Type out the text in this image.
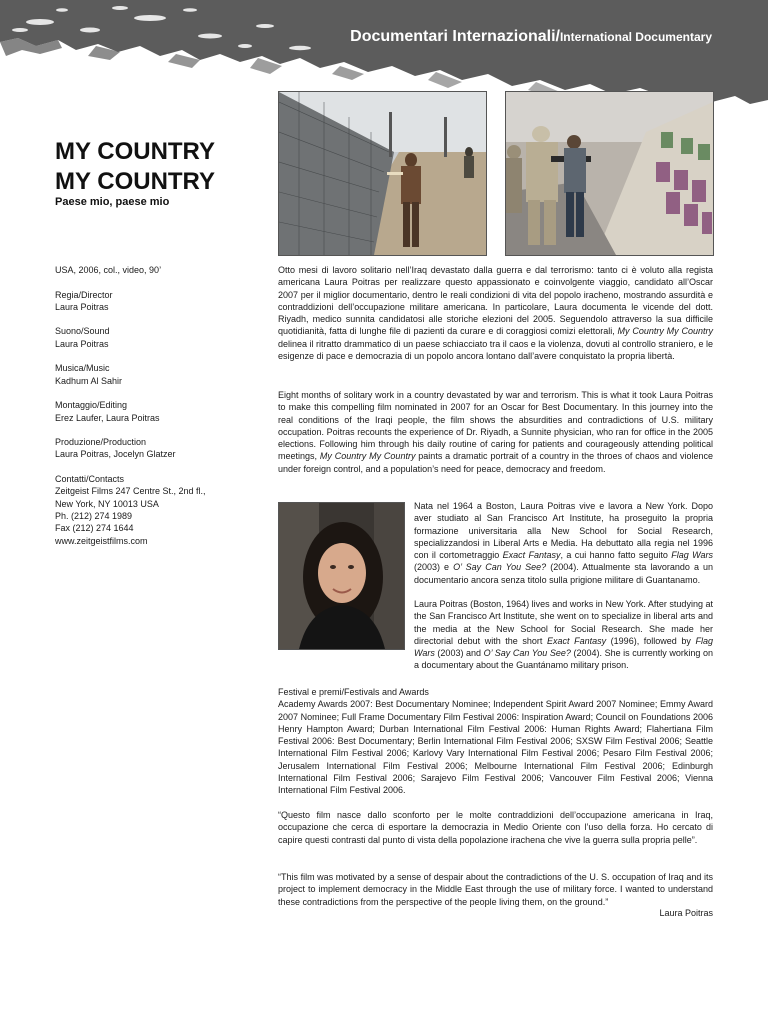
Documentari Internazionali/International Documentary
MY COUNTRY
MY COUNTRY
Paese mio, paese mio
USA, 2006, col., video, 90’
Regia/Director
Laura Poitras
Suono/Sound
Laura Poitras
Musica/Music
Kadhum Al Sahir
Montaggio/Editing
Erez Laufer, Laura Poitras
Produzione/Production
Laura Poitras, Jocelyn Glatzer
Contatti/Contacts
Zeitgeist Films 247 Centre St., 2nd fl.,
New York, NY 10013 USA
Ph. (212) 274 1989
Fax (212) 274 1644
www.zeitgeistfilms.com

Otto mesi di lavoro solitario nell’Iraq devastato dalla guerra e dal terrorismo: tanto ci è voluto alla regista americana Laura Poitras per realizzare questo appassionato e coinvolgente viaggio, candidato all’Oscar 2007 per il miglior documentario, dentro le reali condizioni di vita del popolo iracheno, mostrando assurdità e contraddizioni dell’occupazione militare americana. In particolare, Laura documenta le vicende del dott. Riyadh, medico sunnita candidatosi alle storiche elezioni del 2005. Seguendolo attraverso la sua difficile quotidianità, fatta di lunghe file di pazienti da curare e di coraggiosi comizi elettorali, My Country My Country delinea il ritratto drammatico di un paese schiacciato tra il caos e la violenza, dovuti al controllo straniero, e le esigenze di pace e democrazia di un popolo ancora lontano dall’avere conquistato la propria libertà.

Eight months of solitary work in a country devastated by war and terrorism. This is what it took Laura Poitras to make this compelling film nominated in 2007 for an Oscar for Best Documentary. In this journey into the real conditions of the Iraqi people, the film shows the absurdities and contradictions of U.S. military occupation. Poitras recounts the experience of Dr. Riyadh, a Sunnite physician, who ran for office in the 2005 elections. Following him through his daily routine of caring for patients and courageously attending political meetings, My Country My Country paints a dramatic portrait of a country in the throes of chaos and violence under foreign control, and a population’s need for peace, democracy and freedom.

Nata nel 1964 a Boston, Laura Poitras vive e lavora a New York. Dopo aver studiato al San Francisco Art Institute, ha proseguito la propria formazione universitaria alla New School for Social Research, specializzandosi in Liberal Arts e Media. Ha debuttato alla regia nel 1996 con il cortometraggio Exact Fantasy, a cui hanno fatto seguito Flag Wars (2003) e O’ Say Can You See? (2004). Attualmente sta lavorando a un documentario ancora senza titolo sulla prigione militare di Guantanamo.

Laura Poitras (Boston, 1964) lives and works in New York. After studying at the San Francisco Art Institute, she went on to specialize in liberal arts and the media at the New School for Social Research. She made her directorial debut with the short Exact Fantasy (1996), followed by Flag Wars (2003) and O’ Say Can You See? (2004). She is currently working on a documentary about the Guantánamo military prison.

Festival e premi/Festivals and Awards

Academy Awards 2007: Best Documentary Nominee; Independent Spirit Award 2007 Nominee; Emmy Award 2007 Nominee; Full Frame Documentary Film Festival 2006: Inspiration Award; Council on Foundations 2006 Henry Hampton Award; Durban International Film Festival 2006: Human Rights Award; Flahertiana Film Festival 2006: Best Documentary; Berlin International Film Festival 2006; SXSW Film Festival 2006; Seattle International Film Festival 2006; Karlovy Vary International Film Festival 2006; Pesaro Film Festival 2006; Jerusalem International Film Festival 2006; Melbourne International Film Festival 2006; Edinburgh International Film Festival 2006; Sarajevo Film Festival 2006; Vancouver Film Festival 2006; Vienna International Film Festival 2006.

“Questo film nasce dallo sconforto per le molte contraddizioni dell’occupazione americana in Iraq, occupazione che cerca di esportare la democrazia in Medio Oriente con l’uso della forza. Ho cercato di capire questi contrasti dal punto di vista della popolazione irachena che vive la guerra sulla propria pelle”.

“This film was motivated by a sense of despair about the contradictions of the U. S. occupation of Iraq and its project to implement democracy in the Middle East through the use of military force. I wanted to understand these contradictions from the perspective of the people living them, on the ground.”

Laura Poitras
